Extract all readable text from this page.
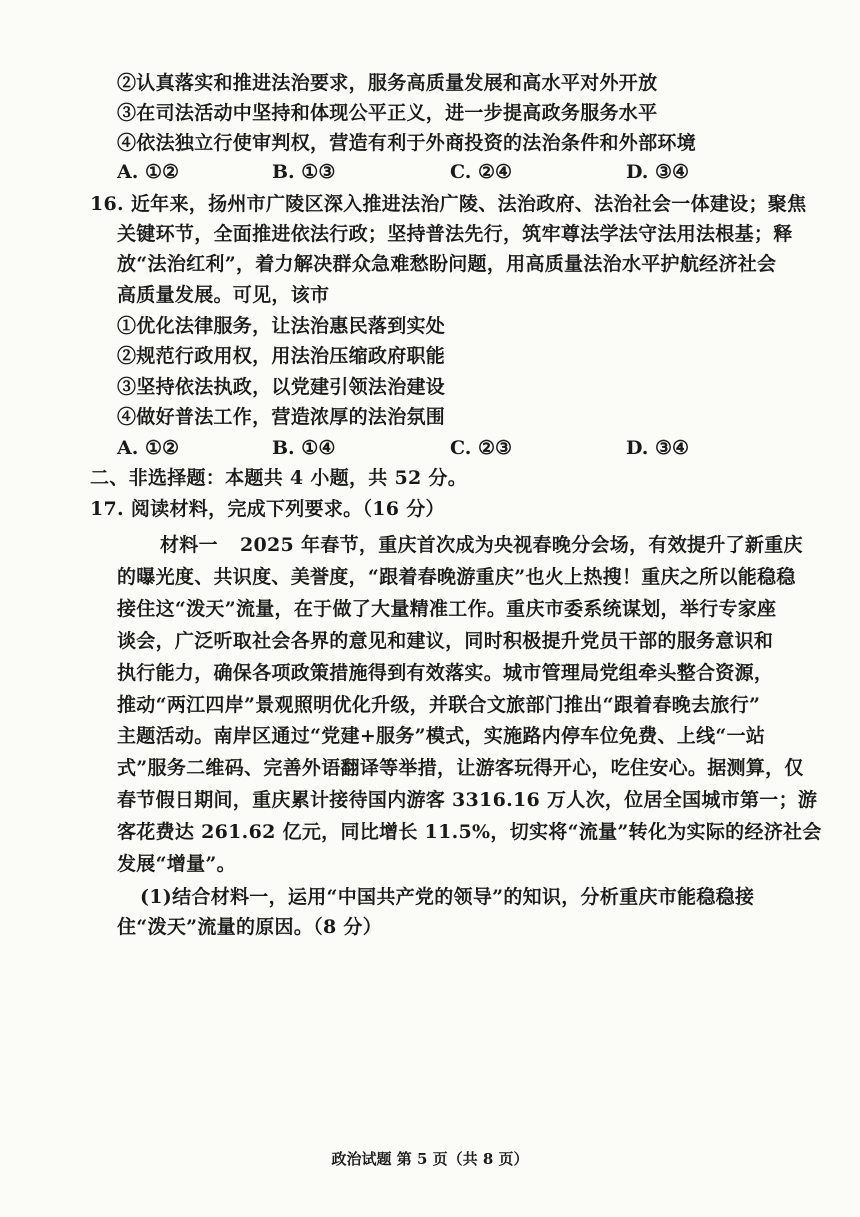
②认真落实和推进法治要求，服务高质量发展和高水平对外开放
③在司法活动中坚持和体现公平正义，进一步提高政务服务水平
④依法独立行使审判权，营造有利于外商投资的法治条件和外部环境
A. ①②	B. ①③	C. ②④	D. ③④
16. 近年来，扬州市广陵区深入推进法治广陵、法治政府、法治社会一体建设；聚焦
关键环节，全面推进依法行政；坚持普法先行，筑牢尊法学法守法用法根基；释
放“法治红利”，着力解决群众急难愁盼问题，用高质量法治水平护航经济社会
高质量发展。可见，该市
①优化法律服务，让法治惠民落到实处
②规范行政用权，用法治压缩政府职能
③坚持依法执政，以党建引领法治建设
④做好普法工作，营造浓厚的法治氛围
A. ①②	B. ①④	C. ②③	D. ③④
二、非选择题：本题共 4 小题，共 52 分。
17. 阅读材料，完成下列要求。（16 分）
材料一 2025 年春节，重庆首次成为央视春晚分会场，有效提升了新重庆
的曝光度、共识度、美誉度，“跟着春晚游重庆”也火上热搜！重庆之所以能稳稳
接住这“泼天”流量，在于做了大量精准工作。重庆市委系统谋划，举行专家座
谈会，广泛听取社会各界的意见和建议，同时积极提升党员干部的服务意识和
执行能力，确保各项政策措施得到有效落实。城市管理局党组牵头整合资源，
推动“两江四岸”景观照明优化升级，并联合文旅部门推出“跟着春晚去旅行”
主题活动。南岸区通过“党建+服务”模式，实施路内停车位免费、上线“一站
式”服务二维码、完善外语翻译等举措，让游客玩得开心，吃住安心。据测算，仅
春节假日期间，重庆累计接待国内游客 3316.16 万人次，位居全国城市第一；游
客花费达 261.62 亿元，同比增长 11.5%，切实将“流量”转化为实际的经济社会
发展“增量”。
(1)结合材料一，运用“中国共产党的领导”的知识，分析重庆市能稳稳接
住“泼天”流量的原因。（8 分）
政治试题 第 5 页（共 8 页）
